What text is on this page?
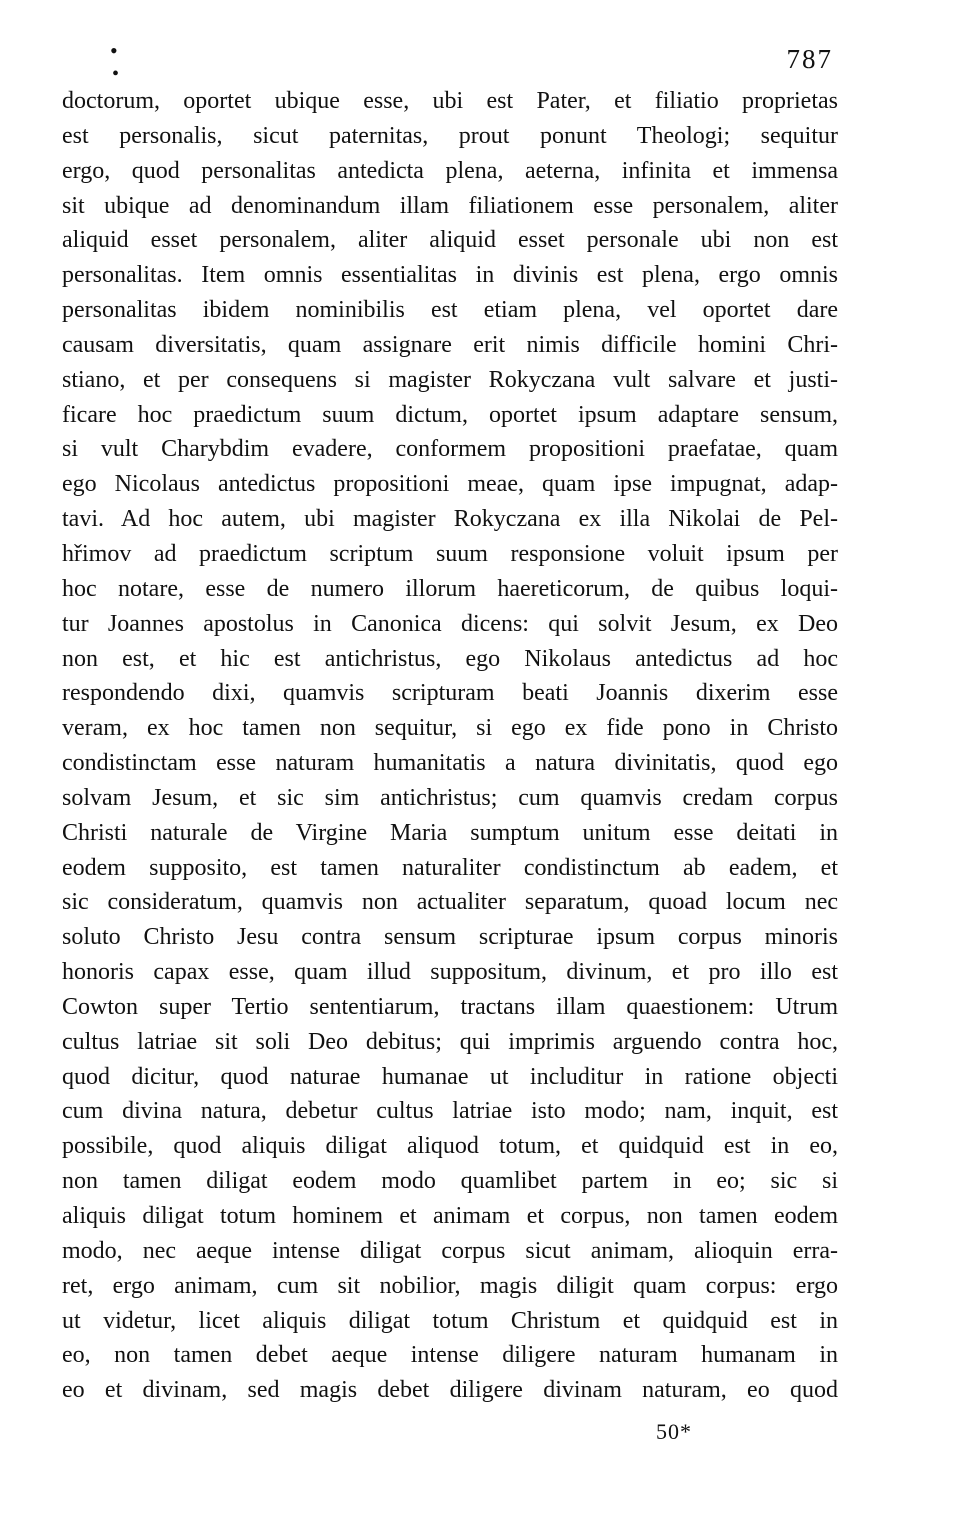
•
•	787
doctorum, oportet ubique esse, ubi est Pater, et filiatio proprietas
est personalis, sicut paternitas, prout ponunt Theologi; sequitur
ergo, quod personalitas antedicta plena, aeterna, infinita et immensa
sit ubique ad denominandum illam filiationem esse personalem, aliter
aliquid esset personalem, aliter aliquid esset personale ubi non est
personalitas. Item omnis essentialitas in divinis est plena, ergo omnis
personalitas ibidem nominibilis est etiam plena, vel oportet dare
causam diversitatis, quam assignare erit nimis difficile homini Chri-
stiano, et per consequens si magister Rokyczana vult salvare et justi-
ficare hoc praedictum suum dictum, oportet ipsum adaptare sensum,
si vult Charybdim evadere, conformem propositioni praefatae, quam
ego Nicolaus antedictus propositioni meae, quam ipse impugnat, adap-
tavi. Ad hoc autem, ubi magister Rokyczana ex illa Nikolai de Pel-
hřimov ad praedictum scriptum suum responsione voluit ipsum per
hoc notare, esse de numero illorum haereticorum, de quibus loqui-
tur Joannes apostolus in Canonica dicens: qui solvit Jesum, ex Deo
non est, et hic est antichristus, ego Nikolaus antedictus ad hoc
respondendo dixi, quamvis scripturam beati Joannis dixerim esse
veram, ex hoc tamen non sequitur, si ego ex fide pono in Christo
condistinctam esse naturam humanitatis a natura divinitatis, quod ego
solvam Jesum, et sic sim antichristus; cum quamvis credam corpus
Christi naturale de Virgine Maria sumptum unitum esse deitati in
eodem supposito, est tamen naturaliter condistinctum ab eadem, et
sic consideratum, quamvis non actualiter separatum, quoad locum nec
soluto Christo Jesu contra sensum scripturae ipsum corpus minoris
honoris capax esse, quam illud suppositum, divinum, et pro illo est
Cowton super Tertio sententiarum, tractans illam quaestionem: Utrum
cultus latriae sit soli Deo debitus; qui imprimis arguendo contra hoc,
quod dicitur, quod naturae humanae ut includitur in ratione objecti
cum divina natura, debetur cultus latriae isto modo; nam, inquit, est
possibile, quod aliquis diligat aliquod totum, et quidquid est in eo,
non tamen diligat eodem modo quamlibet partem in eo; sic si
aliquis diligat totum hominem et animam et corpus, non tamen eodem
modo, nec aeque intense diligat corpus sicut animam, alioquin erra-
ret, ergo animam, cum sit nobilior, magis diligit quam corpus: ergo
ut videtur, licet aliquis diligat totum Christum et quidquid est in
eo, non tamen debet aeque intense diligere naturam humanam in
eo et divinam, sed magis debet diligere divinam naturam, eo quod
50*
